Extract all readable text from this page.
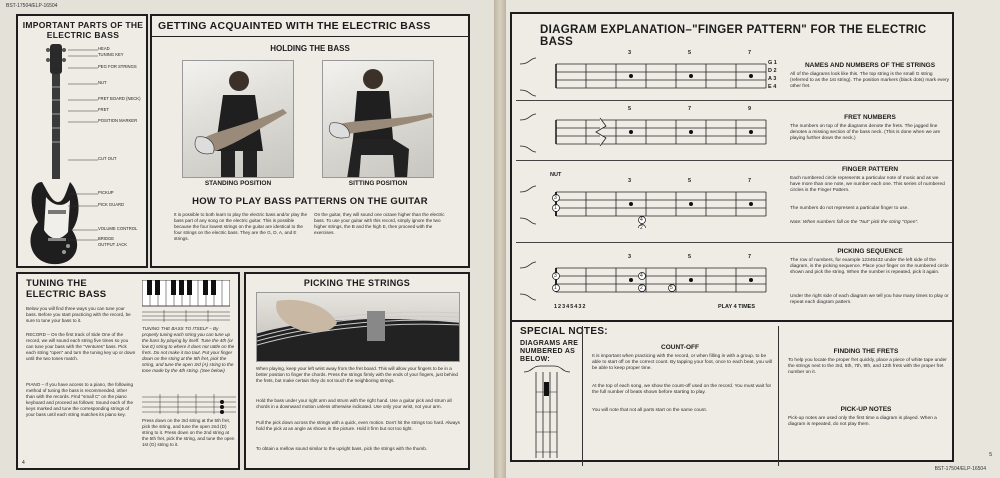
BST-17504/ELP-16504
IMPORTANT PARTS OF THE ELECTRIC BASS
HEAD
TUNING KEY
PEG FOR STRINGS
NUT
FRET BOARD (NECK)
FRET
POSITION MARKER
CUT OUT
PICKUP
PICK GUARD
VOLUME CONTROL
BRIDGE
OUTPUT JACK
GETTING ACQUAINTED WITH THE ELECTRIC BASS
HOLDING THE BASS
STANDING POSITION	SITTING POSITION
HOW TO PLAY BASS PATTERNS ON THE GUITAR
It is possible to both learn to play the electric bass and/or play the bass part of any song on the electric guitar. This is possible because the four lowest strings on the guitar are identical to the four strings on the electric bass. They are the G, D, A, and E strings.
On the guitar, they will sound one octave higher than the electric bass. To use your guitar with this record, simply ignore the two higher strings, the B and the high E, then proceed with the exercises.
TUNING THE ELECTRIC BASS
Below you will find three ways you can tune your bass. Before you start practicing with the record, be sure to tune your bass to it.
RECORD – On the first track of Side One of the record, we will sound each string five times so you can tune your bass with the "Ventures" bass. Pick each string "open" and turn the tuning key up or down until the two tones match.
PIANO – If you have access to a piano, the following method of tuning the bass is recommended, other than with the records. Find "small C" on the piano keyboard and proceed as follows: Sound each of the keys marked and tune the corresponding strings of your bass until each string matches its piano key.
TUNING THE BASS TO ITSELF – By properly tuning each string you can tune up the bass by playing by itself. Tune the 4th (or low E) string to where it does not rattle on the frets. Do not make it too taut. Put your finger down on the string at the 5th fret, pick the string, and tune the open 3rd (A) string to the tone made by the 4th string. (See below)
Press down on the 3rd string at the 5th fret, pick the string, and tune the open 2nd (D) string to it. Press down on the 2nd string at the 5th fret, pick the string, and tune the open 1st (G) string to it.
4
PICKING THE STRINGS
When playing, keep your left wrist away from the fret board. This will allow your fingers to be in a better position to finger the chords. Press the strings firmly with the ends of your fingers, just behind the frets, but make certain they do not touch the neighboring strings.
Hold the bass under your right arm and strum with the right hand. Use a guitar pick and strum all chords in a downward motion unless otherwise indicated. Use only your wrist, not your arm.
Pull the pick down across the strings with a quick, even motion. Don't hit the strings too hard. Always hold the pick at an angle as shown in the picture. Hold it firm but not too tight.
To obtain a mellow sound similar to the upright bass, pick the strings with the thumb.
DIAGRAM EXPLANATION–"FINGER PATTERN" FOR THE ELECTRIC BASS
3	5	7
G 1
D 2
A 3
E 4
NAMES AND NUMBERS OF THE STRINGS
All of the diagrams look like this. The top string is the small G string (referred to as the 1st string). The position markers (black dots) mark every other fret.
5	7	9
FRET NUMBERS
The numbers on top of the diagrams denote the frets. The jagged line denotes a missing section of the bass neck. (This is done when we are playing further down the neck.)
NUT
3
1
4
2
3	5	7
FINGER PATTERN
Each numbered circle represents a particular note of music and as we have more than one note, we number each one. This series of numbered circles is the Finger Pattern.
The numbers do not represent a particular finger to use.
Note: When numbers fall on the "Nut" pick the string "Open".
3
1
4
2	5
3	5	7
12345432	PLAY 4 TIMES
PICKING SEQUENCE
The row of numbers, for example 12345432 under the left side of the diagram, is the picking sequence. Place your finger on the numbered circle shown and pick the string. When the number is repeated, pick it again.
Under the right side of each diagram we tell you how many times to play or repeat each diagram pattern.
SPECIAL NOTES:
DIAGRAMS ARE NUMBERED AS BELOW:
COUNT-OFF
It is important when practicing with the record, or when filling in with a group, to be able to start off on the correct count. By tapping your foot, once to each beat, you will be able to keep proper time.
At the top of each song, we show the count-off used on the record. You must wait for the full number of beats shown before starting to play.
You will note that not all parts start on the same count.
FINDING THE FRETS
To help you locate the proper fret quickly, place a piece of white tape under the strings next to the 3rd, 5th, 7th, 9th, and 12th frets with the proper fret number on it.
PICK-UP NOTES
Pick-up notes are used only the first time a diagram is played. When a diagram is repeated, do not play them.
BST-17504/ELP-16504
5
